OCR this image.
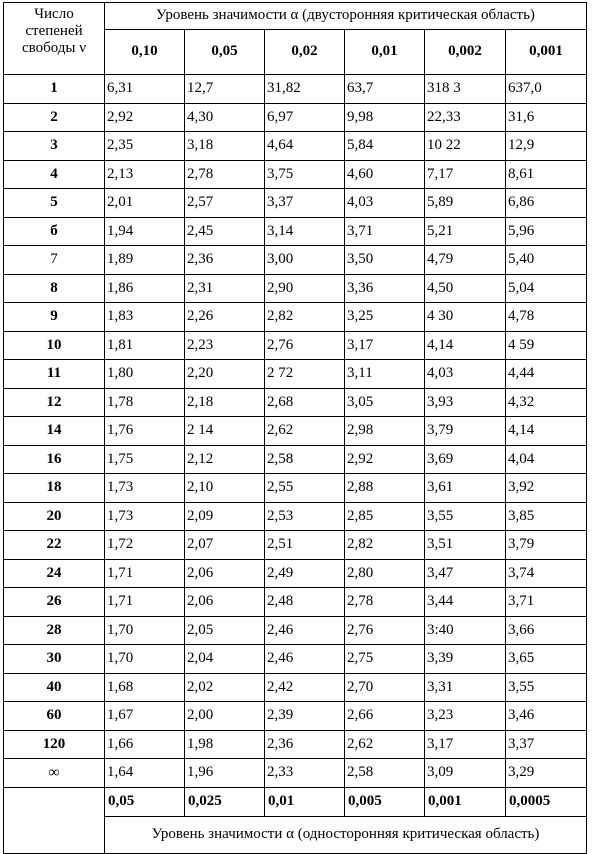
Число
степеней
свободы ν	Уровень значимости α (двусторонняя критическая область)					
	0,10	0,05	0,02	0,01	0,002	0,001
1	6,31	12,7	31,82	63,7	318 3	637,0
2	2,92	4,30	6,97	9,98	22,33	31,6
3	2,35	3,18	4,64	5,84	10 22	12,9
4	2,13	2,78	3,75	4,60	7,17	8,61
5	2,01	2,57	3,37	4,03	5,89	6,86
б	1,94	2,45	3,14	3,71	5,21	5,96
7	1,89	2,36	3,00	3,50	4,79	5,40
8	1,86	2,31	2,90	3,36	4,50	5,04
9	1,83	2,26	2,82	3,25	4 30	4,78
10	1,81	2,23	2,76	3,17	4,14	4 59
11	1,80	2,20	2 72	3,11	4,03	4,44
12	1,78	2,18	2,68	3,05	3,93	4,32
14	1,76	2 14	2,62	2,98	3,79	4,14
16	1,75	2,12	2,58	2,92	3,69	4,04
18	1,73	2,10	2,55	2,88	3,61	3,92
20	1,73	2,09	2,53	2,85	3,55	3,85
22	1,72	2,07	2,51	2,82	3,51	3,79
24	1,71	2,06	2,49	2,80	3,47	3,74
26	1,71	2,06	2,48	2,78	3,44	3,71
28	1,70	2,05	2,46	2,76	3:40	3,66
30	1,70	2,04	2,46	2,75	3,39	3,65
40	1,68	2,02	2,42	2,70	3,31	3,55
60	1,67	2,00	2,39	2,66	3,23	3,46
120	1,66	1,98	2,36	2,62	3,17	3,37
∞	1,64	1,96	2,33	2,58	3,09	3,29
	0,05	0,025	0,01	0,005	0,001	0,0005
	Уровень значимости α (односторонняя критическая область)					
